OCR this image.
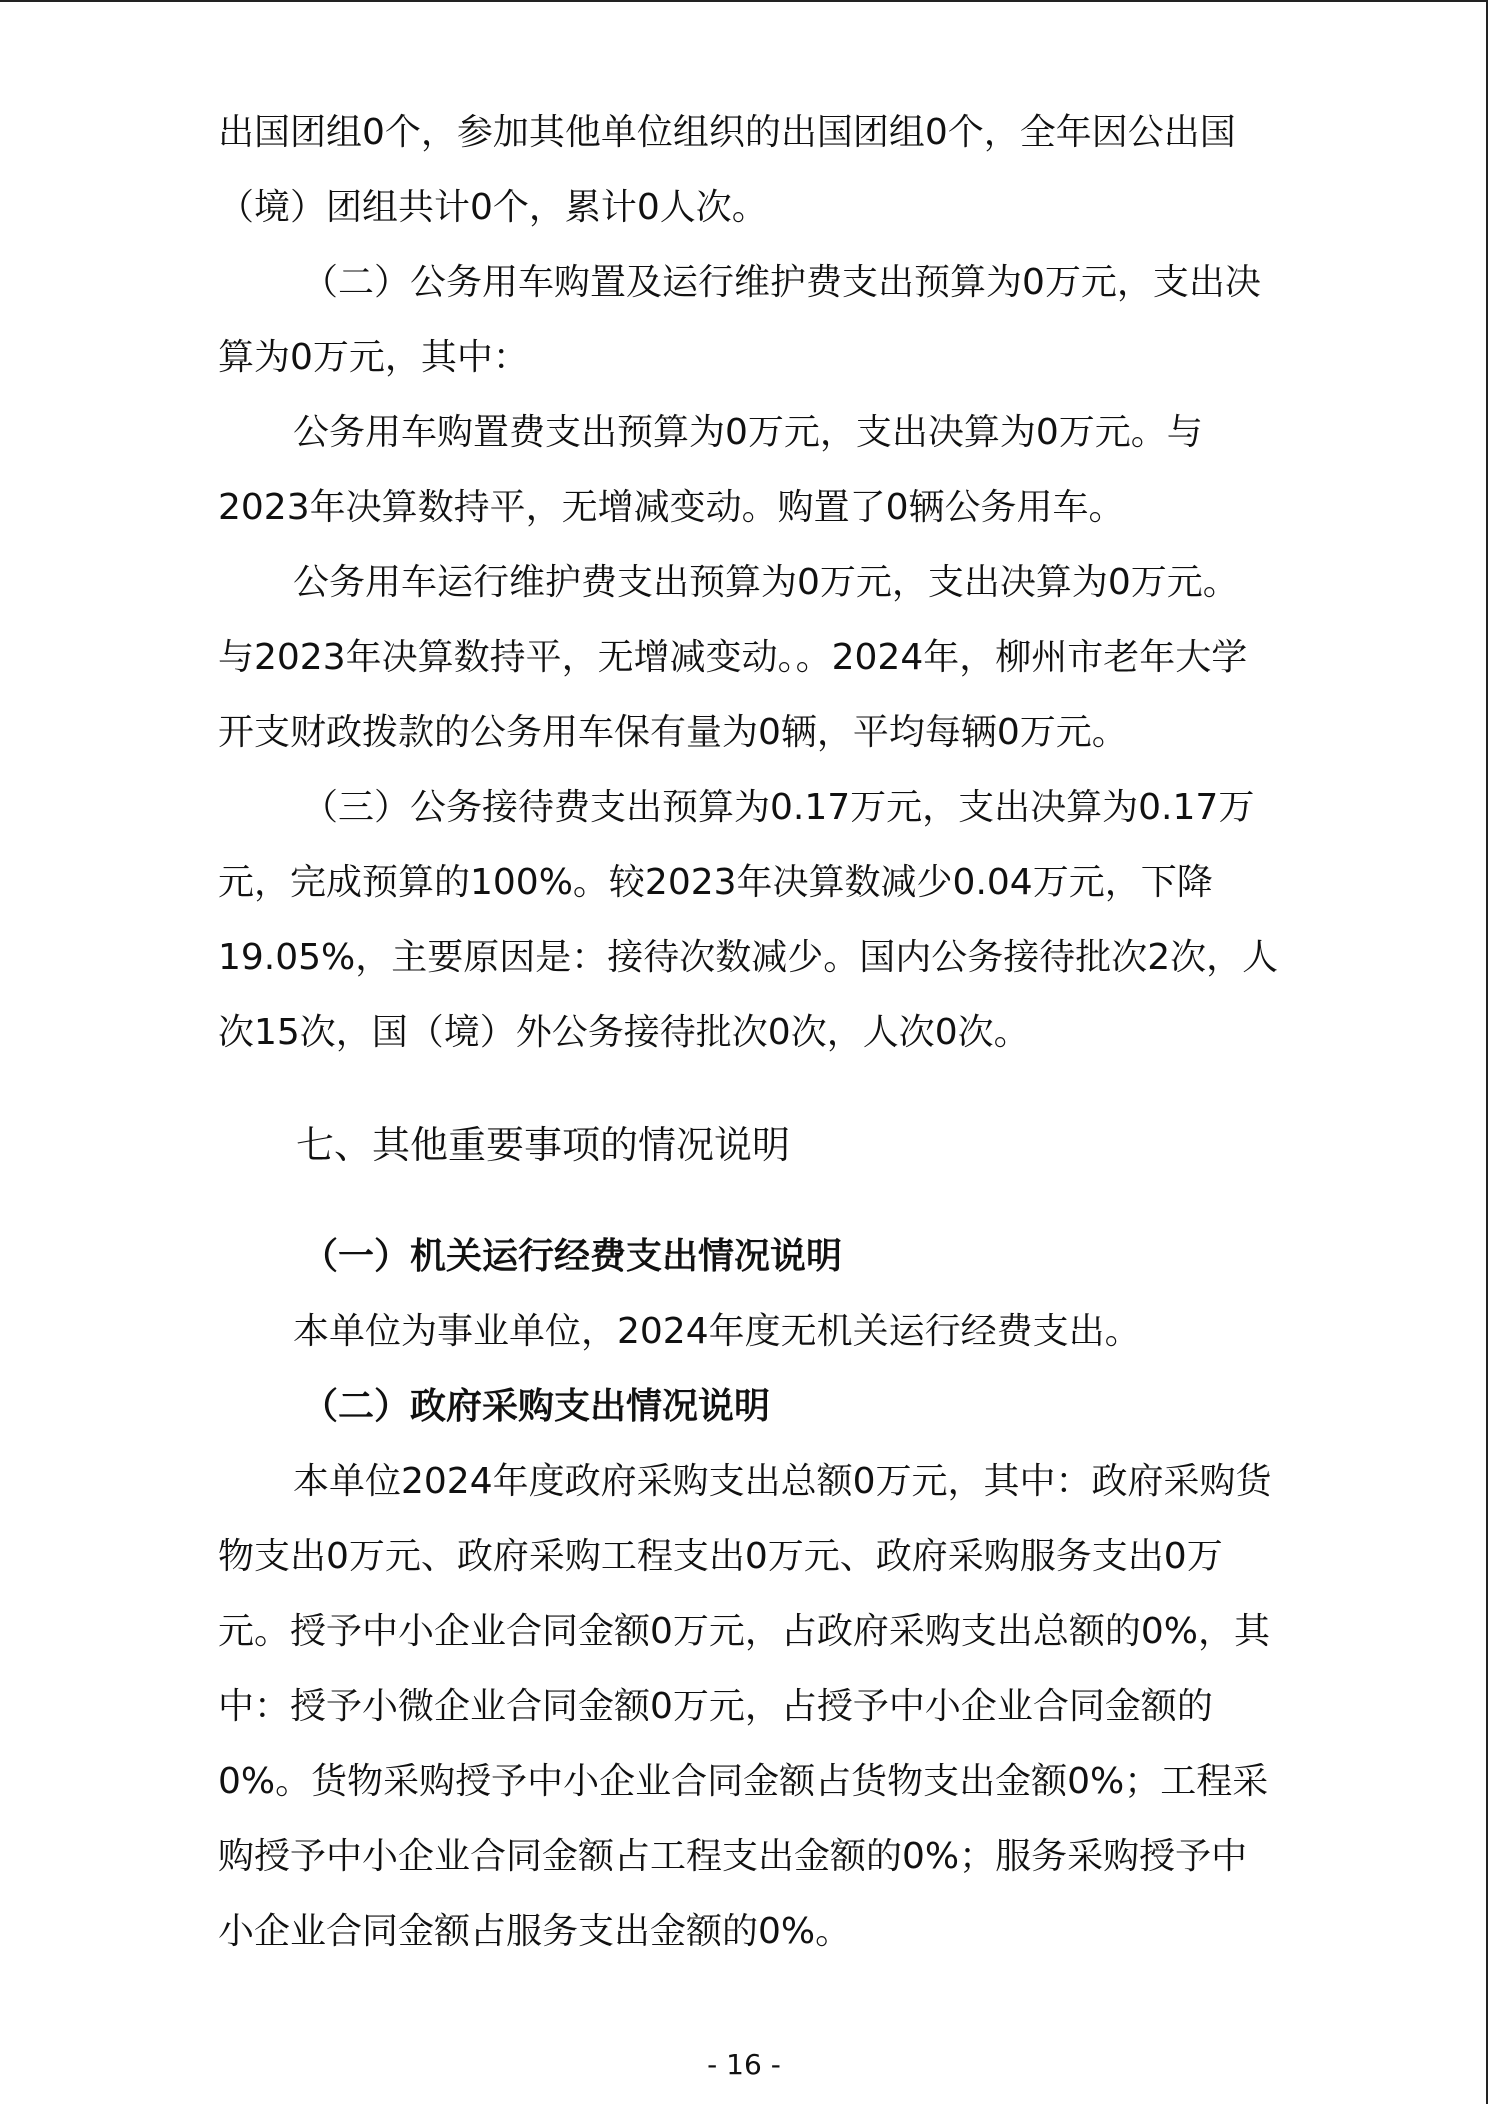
出国团组0个，参加其他单位组织的出国团组0个，全年因公出国
（境）团组共计0个，累计0人次。
（二）公务用车购置及运行维护费支出预算为0万元，支出决
算为0万元，其中：
公务用车购置费支出预算为0万元，支出决算为0万元。与
2023年决算数持平，无增减变动。购置了0辆公务用车。
公务用车运行维护费支出预算为0万元，支出决算为0万元。
与2023年决算数持平，无增减变动。。2024年，柳州市老年大学
开支财政拨款的公务用车保有量为0辆，平均每辆0万元。
（三）公务接待费支出预算为0.17万元，支出决算为0.17万
元，完成预算的100%。较2023年决算数减少0.04万元，下降
19.05%，主要原因是：接待次数减少。国内公务接待批次2次，人
次15次，国（境）外公务接待批次0次，人次0次。
七、其他重要事项的情况说明
（一）机关运行经费支出情况说明
本单位为事业单位，2024年度无机关运行经费支出。
（二）政府采购支出情况说明
本单位2024年度政府采购支出总额0万元，其中：政府采购货
物支出0万元、政府采购工程支出0万元、政府采购服务支出0万
元。授予中小企业合同金额0万元，占政府采购支出总额的0%，其
中：授予小微企业合同金额0万元，占授予中小企业合同金额的
0%。货物采购授予中小企业合同金额占货物支出金额0%；工程采
购授予中小企业合同金额占工程支出金额的0%；服务采购授予中
小企业合同金额占服务支出金额的0%。
- 16 -
